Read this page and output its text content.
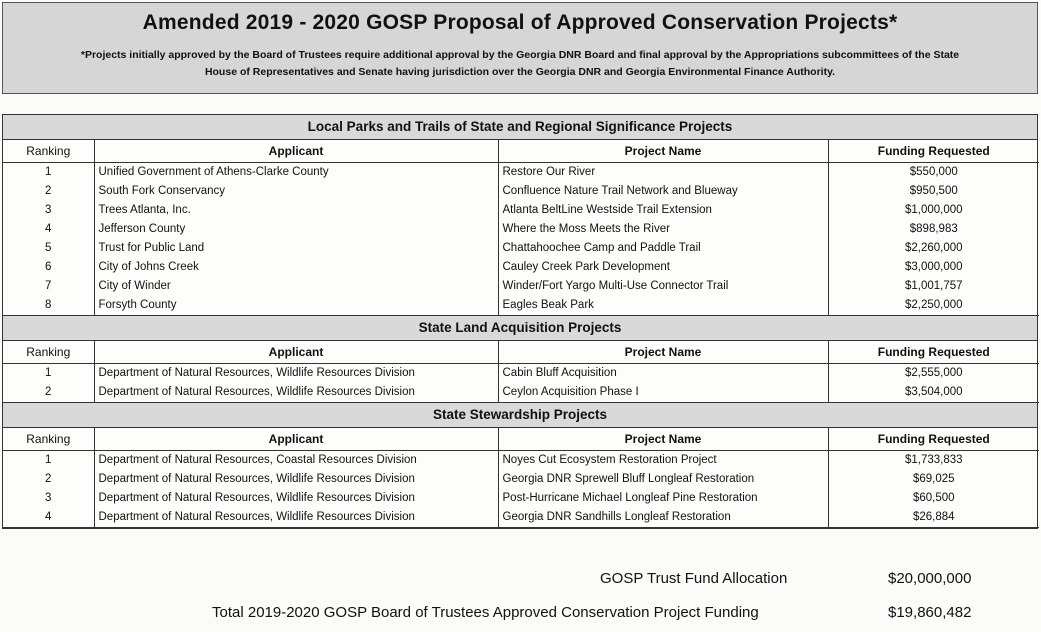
Amended 2019 - 2020 GOSP Proposal of Approved Conservation Projects*
*Projects initially approved by the Board of Trustees require additional approval by the Georgia DNR Board and final approval by the Appropriations subcommittees of the State
House of Representatives and Senate having jurisdiction over the Georgia DNR and Georgia Environmental Finance Authority.
Local Parks and Trails of State and Regional Significance Projects
Ranking	Applicant	Project Name	Funding Requested
1	Unified Government of Athens-Clarke County	Restore Our River	$550,000
2	South Fork Conservancy	Confluence Nature Trail Network and Blueway	$950,500
3	Trees Atlanta, Inc.	Atlanta BeltLine Westside Trail Extension	$1,000,000
4	Jefferson County	Where the Moss Meets the River	$898,983
5	Trust for Public Land	Chattahoochee Camp and Paddle Trail	$2,260,000
6	City of Johns Creek	Cauley Creek Park Development	$3,000,000
7	City of Winder	Winder/Fort Yargo Multi-Use Connector Trail	$1,001,757
8	Forsyth County	Eagles Beak Park	$2,250,000
State Land Acquisition Projects
Ranking	Applicant	Project Name	Funding Requested
1	Department of Natural Resources, Wildlife Resources Division	Cabin Bluff Acquisition	$2,555,000
2	Department of Natural Resources, Wildlife Resources Division	Ceylon Acquisition Phase I	$3,504,000
State Stewardship Projects
Ranking	Applicant	Project Name	Funding Requested
1	Department of Natural Resources, Coastal Resources Division	Noyes Cut Ecosystem Restoration Project	$1,733,833
2	Department of Natural Resources, Wildlife Resources Division	Georgia DNR Sprewell Bluff Longleaf Restoration	$69,025
3	Department of Natural Resources, Wildlife Resources Division	Post-Hurricane Michael Longleaf Pine Restoration	$60,500
4	Department of Natural Resources, Wildlife Resources Division	Georgia DNR Sandhills Longleaf Restoration	$26,884
GOSP Trust Fund Allocation	$20,000,000
Total 2019-2020 GOSP Board of Trustees Approved Conservation Project Funding	$19,860,482
